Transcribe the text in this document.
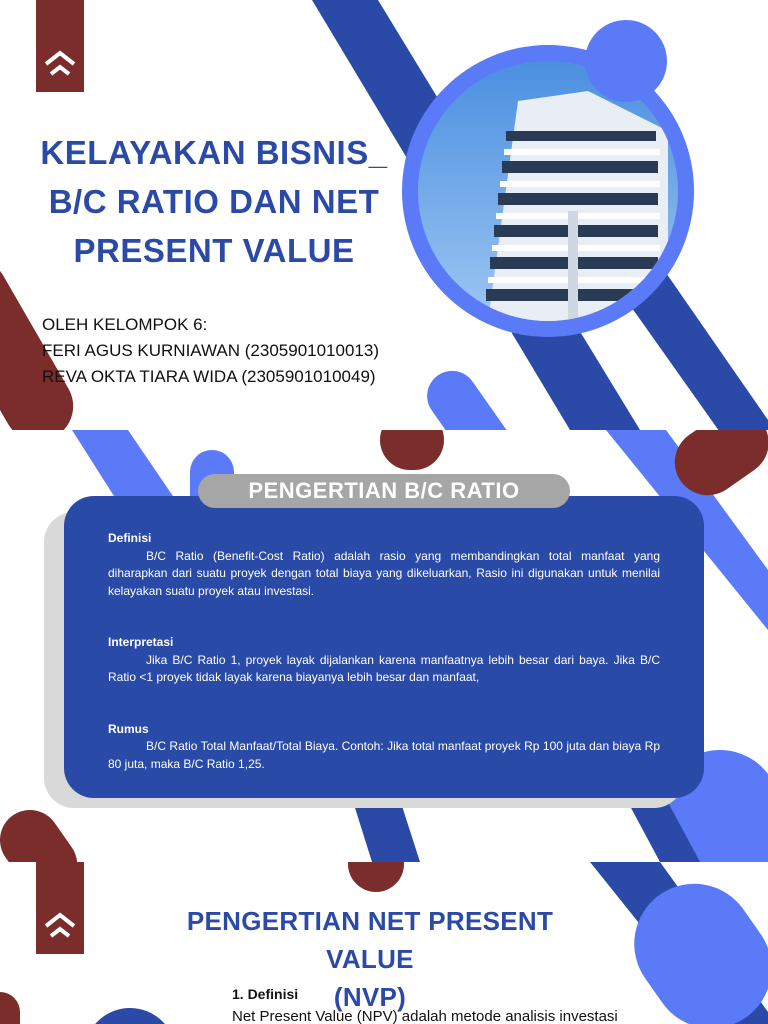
KELAYAKAN BISNIS_
B/C RATIO DAN NET
PRESENT VALUE
OLEH KELOMPOK 6:
FERI AGUS KURNIAWAN (2305901010013)
REVA OKTA TIARA WIDA (2305901010049)
Definisi
B/C Ratio (Benefit-Cost Ratio) adalah rasio yang membandingkan total manfaat yang diharapkan dari suatu proyek dengan total biaya yang dikeluarkan, Rasio ini digunakan untuk menilai kelayakan suatu proyek atau investasi.
Interpretasi
Jika B/C Ratio 1, proyek layak dijalankan karena manfaatnya lebih besar dari baya. Jika B/C Ratio <1 proyek tidak layak karena biayanya lebih besar dan manfaat,
Rumus
B/C Ratio Total Manfaat/Total Biaya. Contoh: Jika total manfaat proyek Rp 100 juta dan biaya Rp 80 juta, maka B/C Ratio 1,25.
PENGERTIAN B/C RATIO
PENGERTIAN NET PRESENT VALUE
(NVP)
1. Definisi
Net Present Value (NPV) adalah metode analisis investasi
